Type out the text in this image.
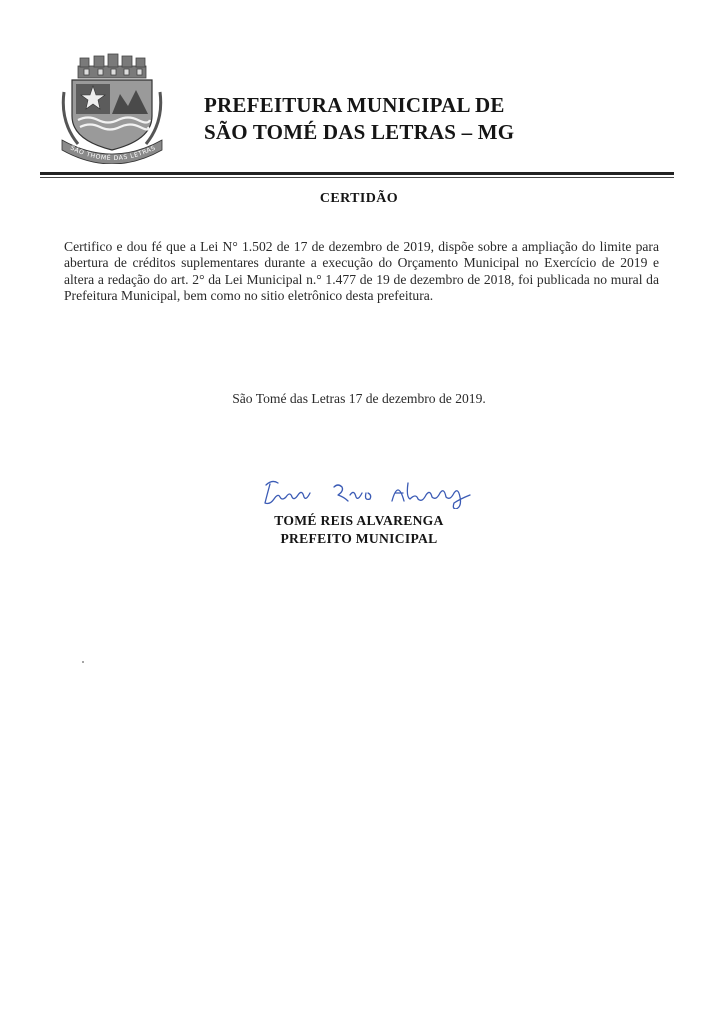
SÃO THOMÉ DAS LETRAS
PREFEITURA MUNICIPAL DE
SÃO TOMÉ DAS LETRAS – MG
CERTIDÃO

Certifico e dou fé que a Lei N° 1.502 de 17 de dezembro de 2019, dispõe sobre a ampliação do limite para abertura de créditos suplementares durante a execução do Orçamento Municipal no Exercício de 2019 e altera a redação do art. 2° da Lei Municipal n.° 1.477 de 19 de dezembro de 2018, foi publicada no mural da Prefeitura Municipal, bem como no sitio eletrônico desta prefeitura.

São Tomé das Letras 17 de dezembro de 2019.
TOMÉ REIS ALVARENGA
PREFEITO MUNICIPAL
